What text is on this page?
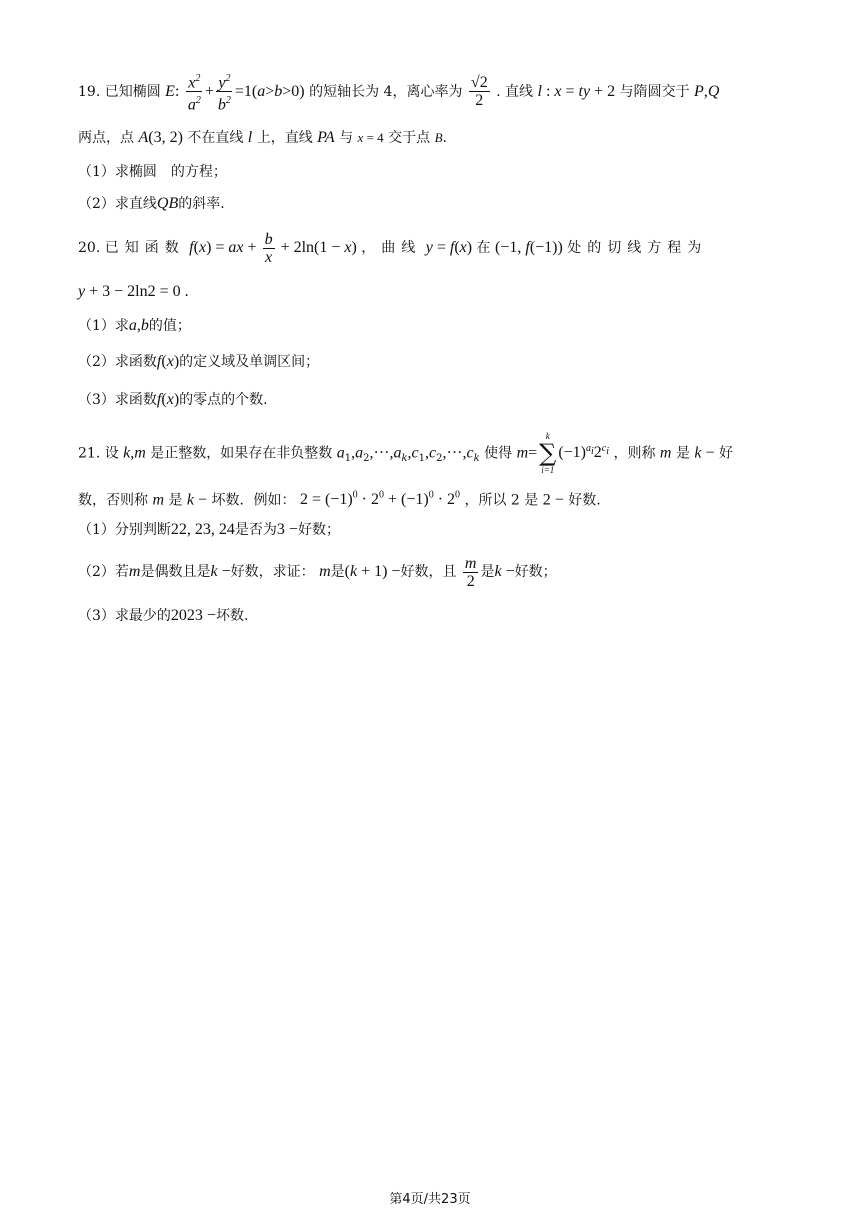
19. 已知椭圆 E: $\frac{x^2}{a^2} + \frac{y^2}{b^2} =1(a>b>0)$ 的短轴长为 4，离心率为 $\frac{√2}{2}$ . 直线 l : x = ty + 2 与隋圆交于 P,Q
两点，点 A(3, 2) 不在直线 l 上，直线 PA 与 x = 4 交于点 B.
（1）求椭圆　的方程；
（2）求直线QB的斜率.
20. 已知函数 f(x) = ax + $\frac{b}{x} + 2\ln(1 - x)$ ，曲线 y = f(x) 在 (−1, f(−1)) 处的切线方程为
y + 3 − 2ln2 = 0 .
（1）求a,b的值；
（2）求函数f(x)的定义域及单调区间；
（3）求函数f(x)的零点的个数.
21. 设 k,m 是正整数，如果存在非负整数 $a_1,a_2,\cdot\cdot\cdot,a_k,c_1,c_2,\cdot\cdot\cdot,c_k$ 使得 m=
k
∑
i=1
$(-1)^{a_i}2^{c_i}$ ，则称 m 是 k − 好
数，否则称 m 是 k − 坏数．例如： $2 = (-1)^0 \cdot 2^0 + (-1)^0 \cdot 2^0$ ，所以 2 是 2 − 好数.
（1）分别判断22, 23, 24是否为3 −好数；
（2）若m是偶数且是k −好数，求证： m是(k + 1) −好数，且 $\frac{m}{2}$ 是k −好数；
（3）求最少的2023 −坏数.
第4页/共23页
